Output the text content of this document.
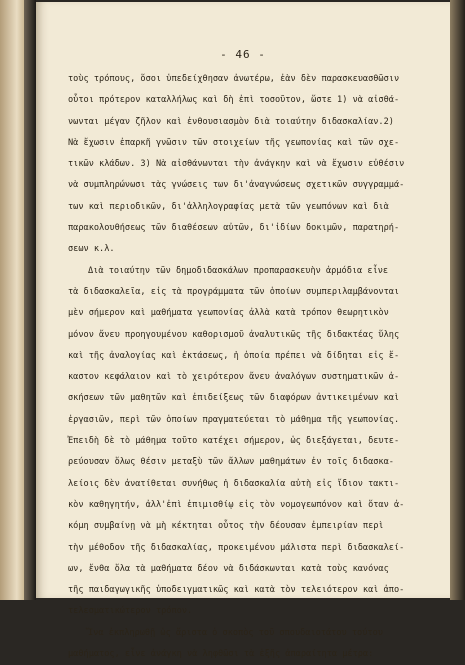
- 46 -
τοὺς τρόπους, ὅσοι ὑπεδείχθησαν ἀνωτέρω, ἐὰν δὲν παρασκευασθῶσιν
οὗτοι πρότερον καταλλήλως καὶ δὴ ἐπὶ τοσοῦτον, ὥστε 1) νὰ αἰσθά-
νωνται μέγαν ζῆλον καὶ ἐνθουσιασμὸν διὰ τοιαύτην διδασκαλίαν.2)
Νὰ ἔχωσιν ἐπαρκῆ γνῶσιν τῶν στοιχείων τῆς γεωπονίας καὶ τῶν σχε-
τικῶν κλάδων. 3) Νὰ αἰσθάνωνται τὴν ἀνάγκην καὶ νὰ ἔχωσιν εὐθέσιν
νὰ συμπληρώνωσι τὰς γνώσεις των δι'ἀναγνώσεως σχετικῶν συγγραμμά-
των καὶ περιοδικῶν, δι'ἀλληλογραφίας μετὰ τῶν γεωπόνων καὶ διὰ
παρακολουθήσεως τῶν διαθέσεων αὐτῶν, δι'ἰδίων δοκιμῶν, παρατηρή-
σεων κ.λ.
Διὰ τοιαύτην τῶν δημοδιδασκάλων προπαρασκευὴν ἁρμόδια εἶνε
τὰ διδασκαλεῖα, εἰς τὰ προγράμματα τῶν ὁποίων συμπεριλαμβάνονται
μὲν σήμερον καὶ μαθήματα γεωπονίας ἀλλὰ κατὰ τρόπον θεωρητικὸν
μόνον ἄνευ προηγουμένου καθορισμοῦ ἀναλυτικῶς τῆς διδακτέας ὕλης
καὶ τῆς ἀναλογίας καὶ ἐκτάσεως, ἡ ὁποία πρέπει νὰ δίδηται εἰς ἕ-
καστον κεφάλαιον καὶ τὸ χειρότερον ἄνευ ἀναλόγων συστηματικῶν ἀ-
σκήσεων τῶν μαθητῶν καὶ ἐπιδείξεως τῶν διαφόρων ἀντικειμένων καὶ
ἐργασιῶν, περὶ τῶν ὁποίων πραγματεύεται τὸ μάθημα τῆς γεωπονίας.
Ἐπειδὴ δὲ τὸ μάθημα τοῦτο κατέχει σήμερον, ὡς διεξάγεται, δευτε-
ρεύουσαν ὅλως θέσιν μεταξὺ τῶν ἄλλων μαθημάτων ἐν τοῖς διδασκα-
λείοις δὲν ἀνατίθεται συνήθως ἡ διδασκαλία αὐτὴ εἰς ἴδιον τακτι-
κὸν καθηγητήν, ἀλλ'ἐπὶ ἐπιμισθίῳ εἰς τὸν νομογεωπόνον καὶ ὅταν ἀ-
κόμη συμβαίνῃ νὰ μὴ κέκτηται οὗτος τὴν δέουσαν ἐμπειρίαν περὶ
τὴν μέθοδον τῆς διδασκαλίας, προκειμένου μάλιστα περὶ διδασκαλεί-
ων, ἔνθα ὅλα τὰ μαθήματα δέον νὰ διδάσκωνται κατὰ τοὺς κανόνας
τῆς παιδαγωγικῆς ὑποδειγματικῶς καὶ κατὰ τὸν τελειότερον καὶ ἀπο-
τελεσματικώτερον τρόπον.
Ἵνα ἐκπληρωθῇ ὡς ἄριστα ὁ σκοπὸς τοῦ σπουδαιοτάτου τούτου
μαθήματος, εἶνε ἀνάγκη νὰ ληφθῶσι τὰ ἑξῆς ἀπαραίτητα μέτρα:
